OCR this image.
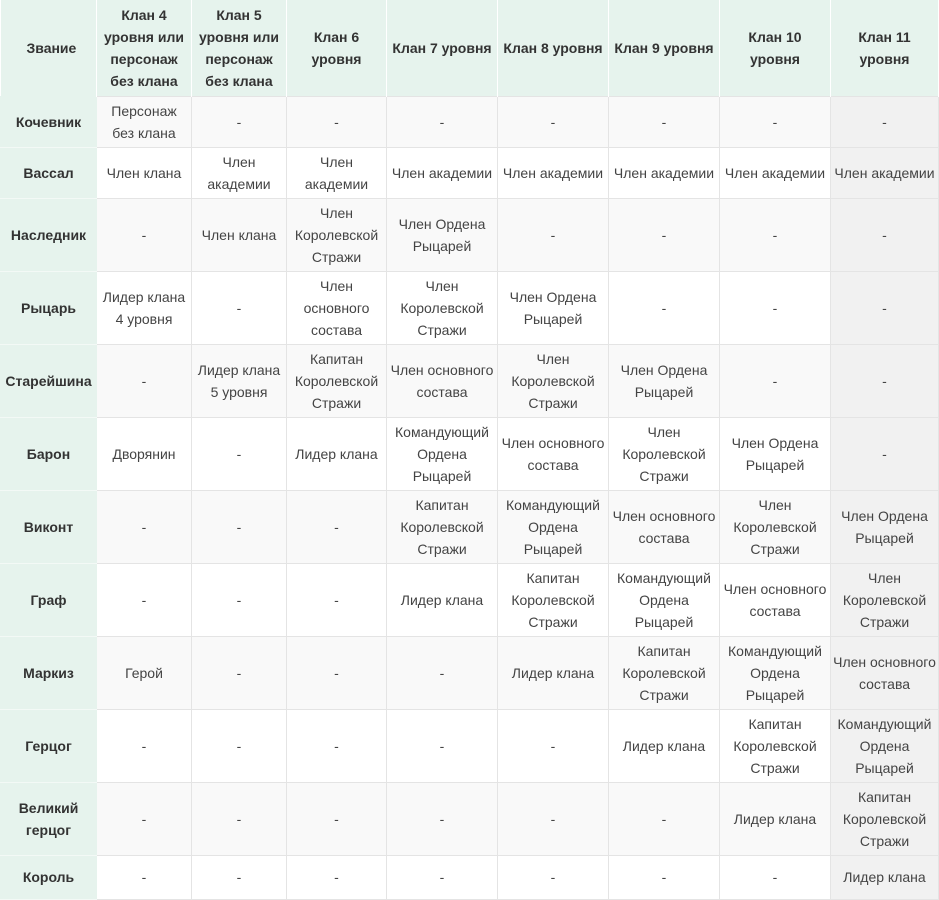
Звание	Клан 4 уровня или персонаж без клана	Клан 5 уровня или персонаж без клана	Клан 6 уровня	Клан 7 уровня	Клан 8 уровня	Клан 9 уровня	Клан 10 уровня	Клан 11 уровня
Кочевник	Персонаж без клана	-	-	-	-	-	-	-
Вассал	Член клана	Член академии	Член академии	Член академии	Член академии	Член академии	Член академии	Член академии
Наследник	-	Член клана	Член Королевской Стражи	Член Ордена Рыцарей	-	-	-	-
Рыцарь	Лидер клана 4 уровня	-	Член основного состава	Член Королевской Стражи	Член Ордена Рыцарей	-	-	-
Старейшина	-	Лидер клана 5 уровня	Капитан Королевской Стражи	Член основного состава	Член Королевской Стражи	Член Ордена Рыцарей	-	-
Барон	Дворянин	-	Лидер клана	Командующий Ордена Рыцарей	Член основного состава	Член Королевской Стражи	Член Ордена Рыцарей	-
Виконт	-	-	-	Капитан Королевской Стражи	Командующий Ордена Рыцарей	Член основного состава	Член Королевской Стражи	Член Ордена Рыцарей
Граф	-	-	-	Лидер клана	Капитан Королевской Стражи	Командующий Ордена Рыцарей	Член основного состава	Член Королевской Стражи
Маркиз	Герой	-	-	-	Лидер клана	Капитан Королевской Стражи	Командующий Ордена Рыцарей	Член основного состава
Герцог	-	-	-	-	-	Лидер клана	Капитан Королевской Стражи	Командующий Ордена Рыцарей
Великий герцог	-	-	-	-	-	-	Лидер клана	Капитан Королевской Стражи
Король	-	-	-	-	-	-	-	Лидер клана
